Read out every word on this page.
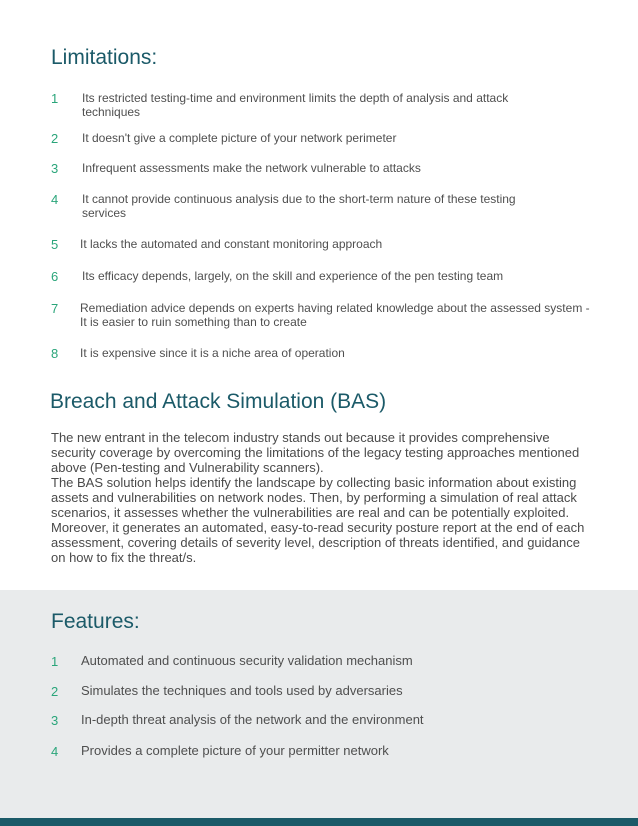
Limitations:
1 Its restricted testing-time and environment limits the depth of analysis and attack techniques
2 It doesn't give a complete picture of your network perimeter
3 Infrequent assessments make the network vulnerable to attacks
4 It cannot provide continuous analysis due to the short-term nature of these testing services
5 It lacks the automated and constant monitoring approach
6 Its efficacy depends, largely, on the skill and experience of the pen testing team
7 Remediation advice depends on experts having related knowledge about the assessed system - It is easier to ruin something than to create
8 It is expensive since it is a niche area of operation
Breach and Attack Simulation (BAS)

The new entrant in the telecom industry stands out because it provides comprehensive security coverage by overcoming the limitations of the legacy testing approaches mentioned above (Pen-testing and Vulnerability scanners).

The BAS solution helps identify the landscape by collecting basic information about existing assets and vulnerabilities on network nodes. Then, by performing a simulation of real attack scenarios, it assesses whether the vulnerabilities are real and can be potentially exploited. Moreover, it generates an automated, easy-to-read security posture report at the end of each assessment, covering details of severity level, description of threats identified, and guidance on how to fix the threat/s.

Features:
1 Automated and continuous security validation mechanism
2 Simulates the techniques and tools used by adversaries
3 In-depth threat analysis of the network and the environment
4 Provides a complete picture of your permitter network
